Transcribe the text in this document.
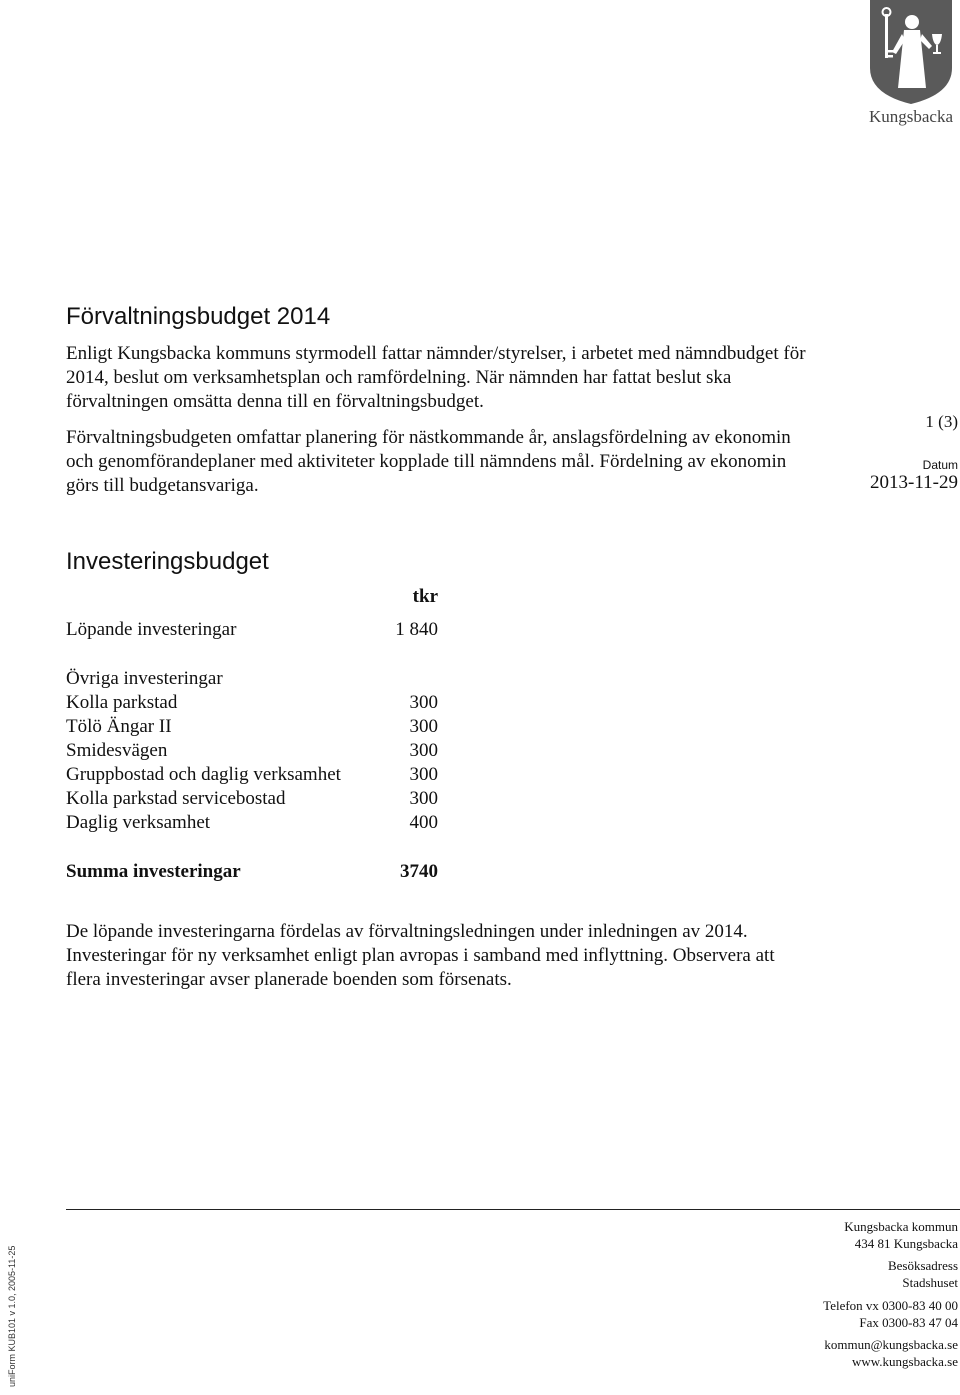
Kungsbacka
Förvaltningsbudget 2014

Enligt Kungsbacka kommuns styrmodell fattar nämnder/styrelser, i arbetet med nämndbudget för 2014, beslut om verksamhetsplan och ramfördelning. När nämnden har fattat beslut ska förvaltningen omsätta denna till en förvaltningsbudget.

Förvaltningsbudgeten omfattar planering för nästkommande år, anslagsfördelning av ekonomin och genomförandeplaner med aktiviteter kopplade till nämndens mål. Fördelning av ekonomin görs till budgetansvariga.

1 (3)
Datum
2013-11-29
Investeringsbudget
tkr
Löpande investeringar	1 840
Övriga investeringar
Kolla parkstad	300
Tölö Ängar II	300
Smidesvägen	300
Gruppbostad och daglig verksamhet	300
Kolla parkstad servicebostad	300
Daglig verksamhet	400
Summa investeringar	3740

De löpande investeringarna fördelas av förvaltningsledningen under inledningen av 2014. Investeringar för ny verksamhet enligt plan avropas i samband med inflyttning. Observera att flera investeringar avser planerade boenden som försenats.

Kungsbacka kommun
434 81 Kungsbacka
Besöksadress
Stadshuset
Telefon vx 0300-83 40 00
Fax 0300-83 47 04
kommun@kungsbacka.se
www.kungsbacka.se
uniForm KUB101 v 1.0, 2005-11-25
